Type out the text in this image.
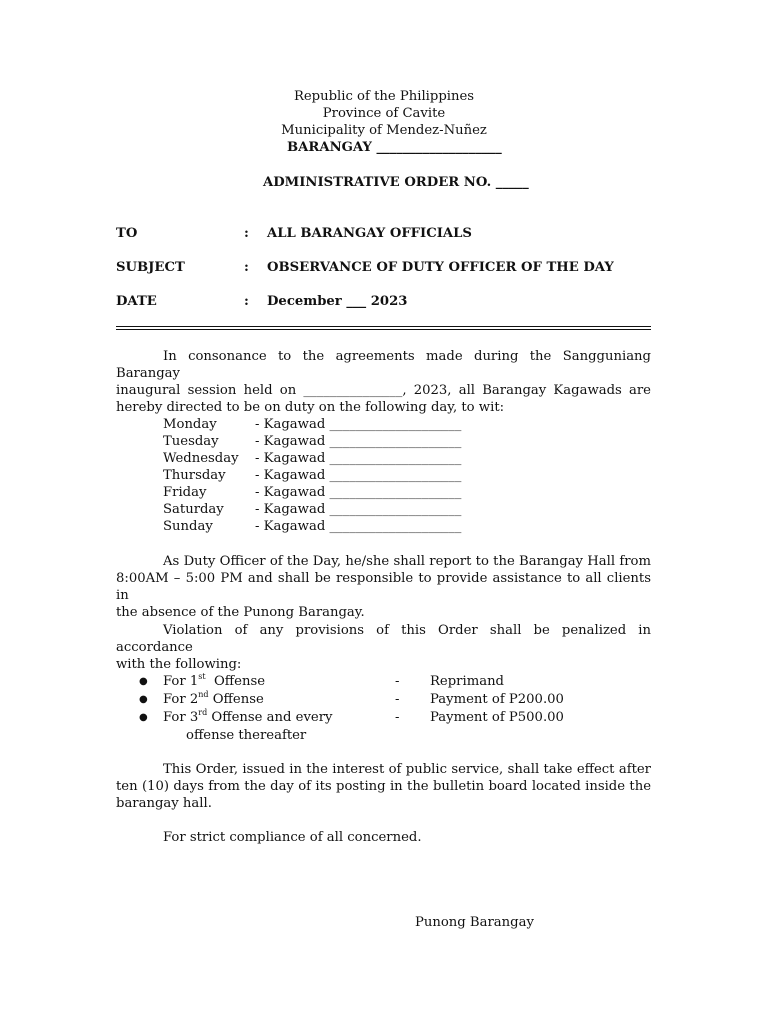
Republic of the Philippines
Province of Cavite
Municipality of Mendez-Nuñez
BARANGAY ___________________
ADMINISTRATIVE ORDER NO. _____
TO	: ALL BARANGAY OFFICIALS
SUBJECT	: OBSERVANCE OF DUTY OFFICER OF THE DAY
DATE	: December ___ 2023
In consonance to the agreements made during the Sangguniang Barangay
inaugural session held on _______________, 2023, all Barangay Kagawads are
hereby directed to be on duty on the following day, to wit:
Monday	- Kagawad ____________________
Tuesday	- Kagawad ____________________
Wednesday - Kagawad ____________________
Thursday - Kagawad ____________________
Friday	- Kagawad ____________________
Saturday - Kagawad ____________________
Sunday	- Kagawad ____________________
As Duty Officer of the Day, he/she shall report to the Barangay Hall from
8:00AM – 5:00 PM and shall be responsible to provide assistance to all clients in
the absence of the Punong Barangay.
Violation of any provisions of this Order shall be penalized in accordance
with the following:
● For 1st  Offense	- Reprimand
● For 2nd Offense	- Payment of P200.00
● For 3rd Offense and every	- Payment of P500.00
offense thereafter
This Order, issued in the interest of public service, shall take effect after
ten (10) days from the day of its posting in the bulletin board located inside the
barangay hall.
For strict compliance of all concerned.
Punong Barangay
